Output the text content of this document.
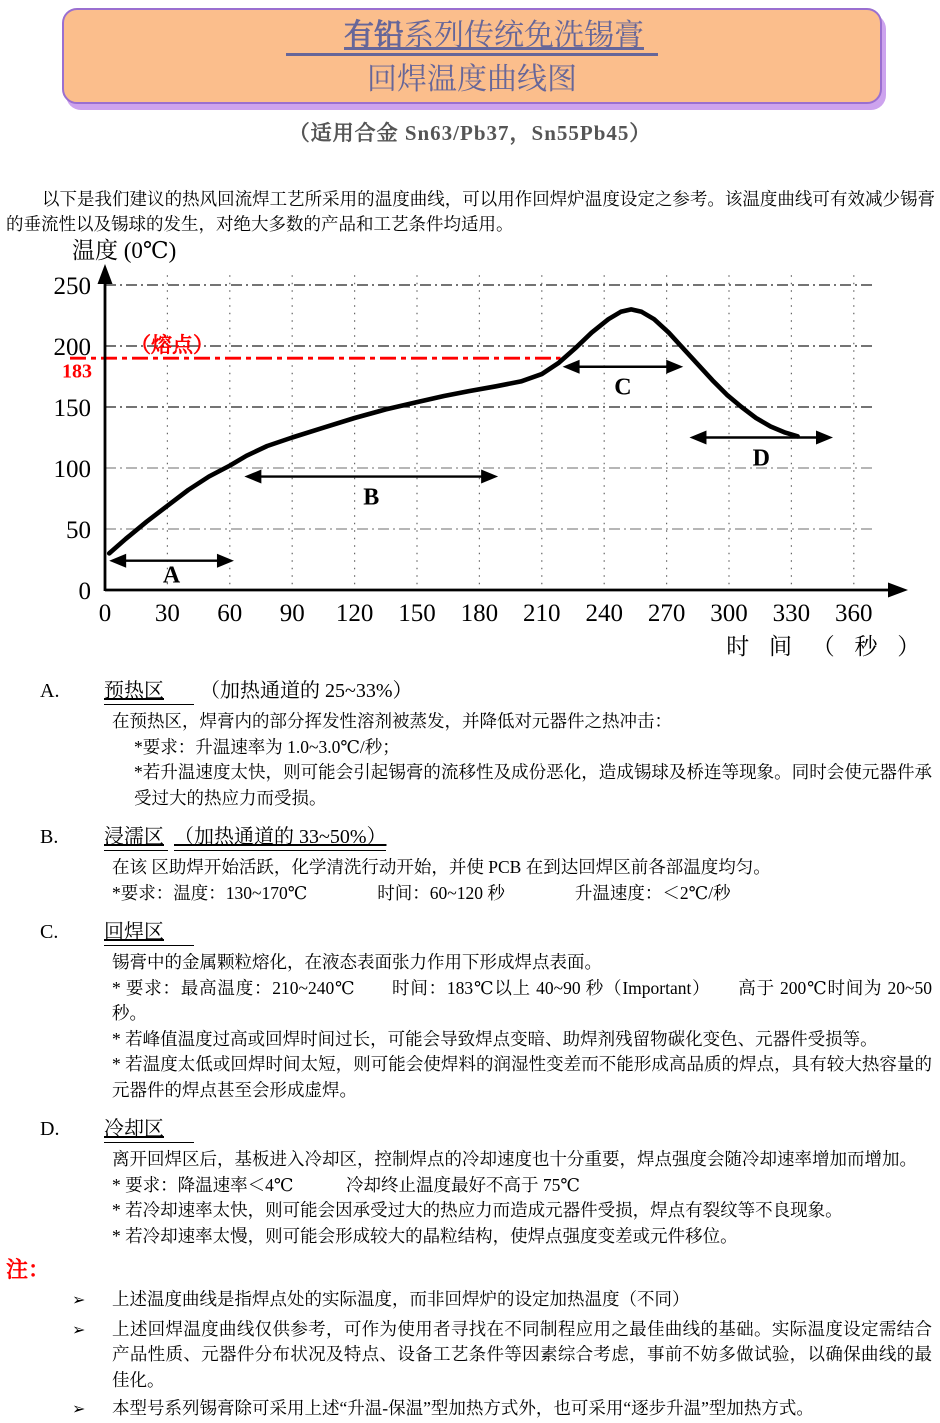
有铅系列传统免洗锡膏
回焊温度曲线图
（适用合金 Sn63/Pb37，Sn55Pb45）

以下是我们建议的热风回流焊工艺所采用的温度曲线，可以用作回焊炉温度设定之参考。该温度曲线可有效减少锡膏的垂流性以及锡球的发生，对绝大多数的产品和工艺条件均适用。

0
50
100
150
200
250
0 30 60 90 120 150 180 210 240 270 300 330 360
温度 (0℃)
时 间 （ 秒 ）
（熔点）
183
A
B
C
D
A. 预热区 （加热通道的 25~33%）

在预热区，焊膏内的部分挥发性溶剂被蒸发，并降低对元器件之热冲击：

*要求：升温速率为 1.0~3.0℃/秒；

*若升温速度太快，则可能会引起锡膏的流移性及成份恶化，造成锡球及桥连等现象。同时会使元器件承受过大的热应力而受损。

B. 浸濡区 （加热通道的 33~50%）

在该 区助焊开始活跃，化学清洗行动开始，并使 PCB 在到达回焊区前各部温度均匀。

*要求：温度：130~170℃　　　　时间：60~120 秒　　　　升温速度：＜2℃/秒

C. 回焊区

锡膏中的金属颗粒熔化，在液态表面张力作用下形成焊点表面。

* 要求：最高温度：210~240℃　　时间：183℃以上 40~90 秒（Important）　　高于 200℃时间为 20~50 秒。

* 若峰值温度过高或回焊时间过长，可能会导致焊点变暗、助焊剂残留物碳化变色、元器件受损等。

* 若温度太低或回焊时间太短，则可能会使焊料的润湿性变差而不能形成高品质的焊点，具有较大热容量的元器件的焊点甚至会形成虚焊。

D. 冷却区

离开回焊区后，基板进入冷却区，控制焊点的冷却速度也十分重要，焊点强度会随冷却速率增加而增加。

* 要求：降温速率＜4℃　　　冷却终止温度最好不高于 75℃

* 若冷却速率太快，则可能会因承受过大的热应力而造成元器件受损，焊点有裂纹等不良现象。

* 若冷却速率太慢，则可能会形成较大的晶粒结构，使焊点强度变差或元件移位。

注：
➢	上述温度曲线是指焊点处的实际温度，而非回焊炉的设定加热温度（不同）

➢	上述回焊温度曲线仅供参考，可作为使用者寻找在不同制程应用之最佳曲线的基础。实际温度设定需结合产品性质、元器件分布状况及特点、设备工艺条件等因素综合考虑，事前不妨多做试验，以确保曲线的最佳化。

➢	本型号系列锡膏除可采用上述“升温-保温”型加热方式外，也可采用“逐步升温”型加热方式。
